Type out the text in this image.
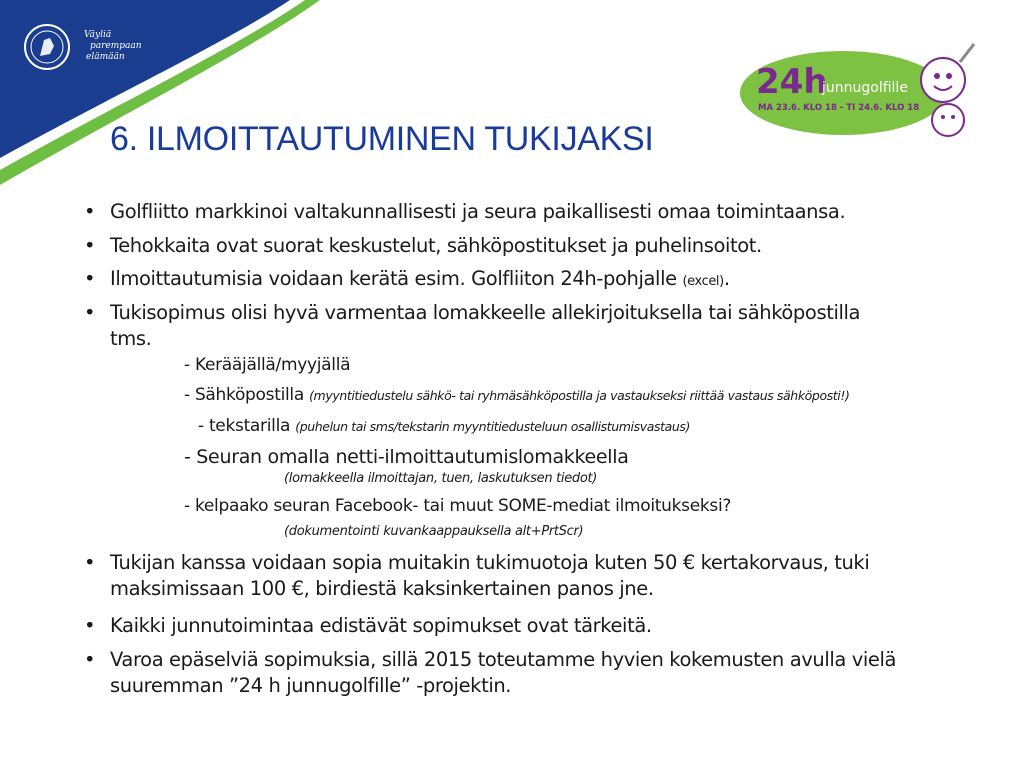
Väyliä
parempaan
elämään
24h
junnugolfille
MA 23.6. KLO 18 - TI 24.6. KLO 18
6. ILMOITTAUTUMINEN TUKIJAKSI
• Golfliitto markkinoi valtakunnallisesti ja seura paikallisesti omaa toimintaansa.
• Tehokkaita ovat suorat keskustelut, sähköpostitukset ja puhelinsoitot.
• Ilmoittautumisia voidaan kerätä esim. Golfliiton 24h-pohjalle (excel).
• Tukisopimus olisi hyvä varmentaa lomakkeelle allekirjoituksella tai sähköpostilla tms.
- Kerääjällä/myyjällä
- Sähköpostilla (myyntitiedustelu sähkö- tai ryhmäsähköpostilla ja vastaukseksi riittää vastaus sähköposti!)
- tekstarilla (puhelun tai sms/tekstarin myyntitiedusteluun osallistumisvastaus)
- Seuran omalla netti-ilmoittautumislomakkeella
(lomakkeella ilmoittajan, tuen, laskutuksen tiedot)
- kelpaako seuran Facebook- tai muut SOME-mediat ilmoitukseksi?
(dokumentointi kuvankaappauksella alt+PrtScr)
• Tukijan kanssa voidaan sopia muitakin tukimuotoja kuten 50 € kertakorvaus, tuki maksimissaan 100 €, birdiestä kaksinkertainen panos jne.
• Kaikki junnutoimintaa edistävät sopimukset ovat tärkeitä.
• Varoa epäselviä sopimuksia, sillä 2015 toteutamme hyvien kokemusten avulla vielä suuremman ”24 h junnugolfille” -projektin.
